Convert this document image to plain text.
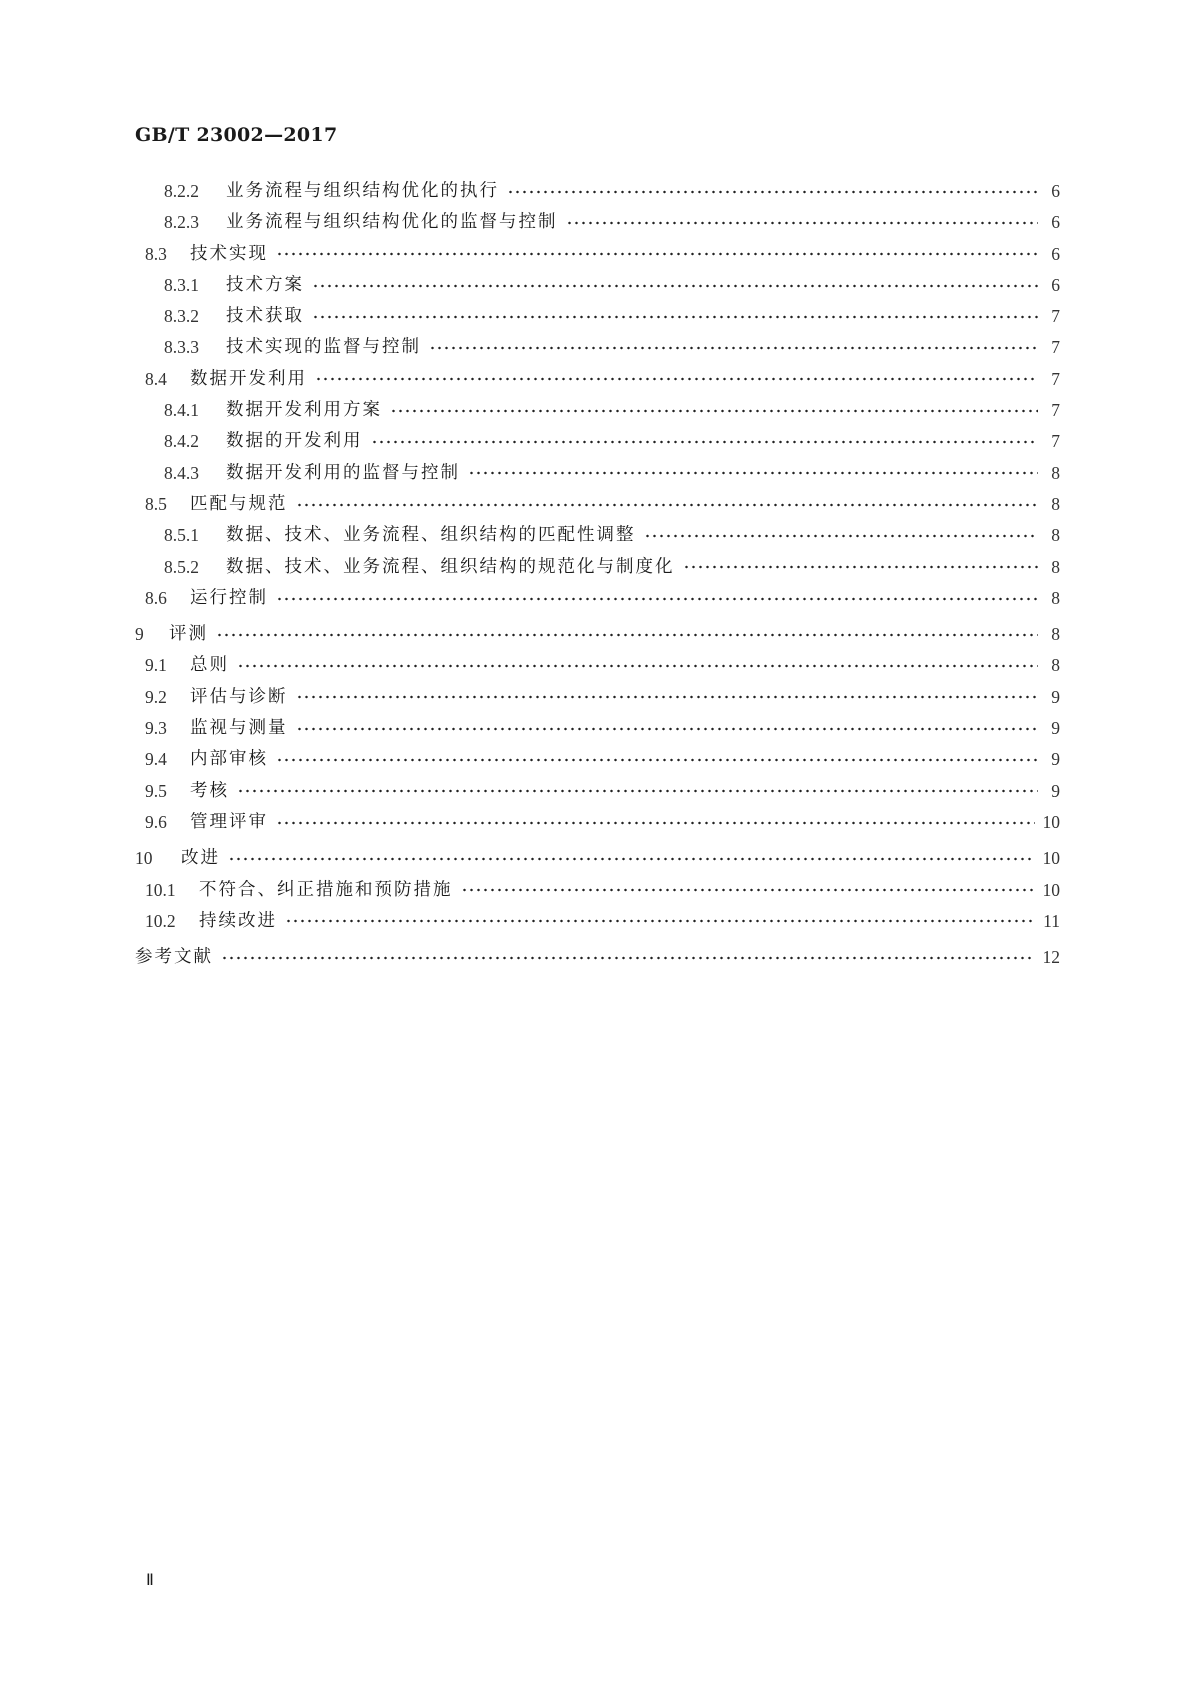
GB/T 23002—2017
8.2.2	业务流程与组织结构优化的执行	6
8.2.3	业务流程与组织结构优化的监督与控制	6
8.3	技术实现	6
8.3.1	技术方案	6
8.3.2	技术获取	7
8.3.3	技术实现的监督与控制	7
8.4	数据开发利用	7
8.4.1	数据开发利用方案	7
8.4.2	数据的开发利用	7
8.4.3	数据开发利用的监督与控制	8
8.5	匹配与规范	8
8.5.1	数据、技术、业务流程、组织结构的匹配性调整	8
8.5.2	数据、技术、业务流程、组织结构的规范化与制度化	8
8.6	运行控制	8
9	评测	8
9.1	总则	8
9.2	评估与诊断	9
9.3	监视与测量	9
9.4	内部审核	9
9.5	考核	9
9.6	管理评审	10
10	改进	10
10.1	不符合、纠正措施和预防措施	10
10.2	持续改进	11
参考文献	12
Ⅱ
